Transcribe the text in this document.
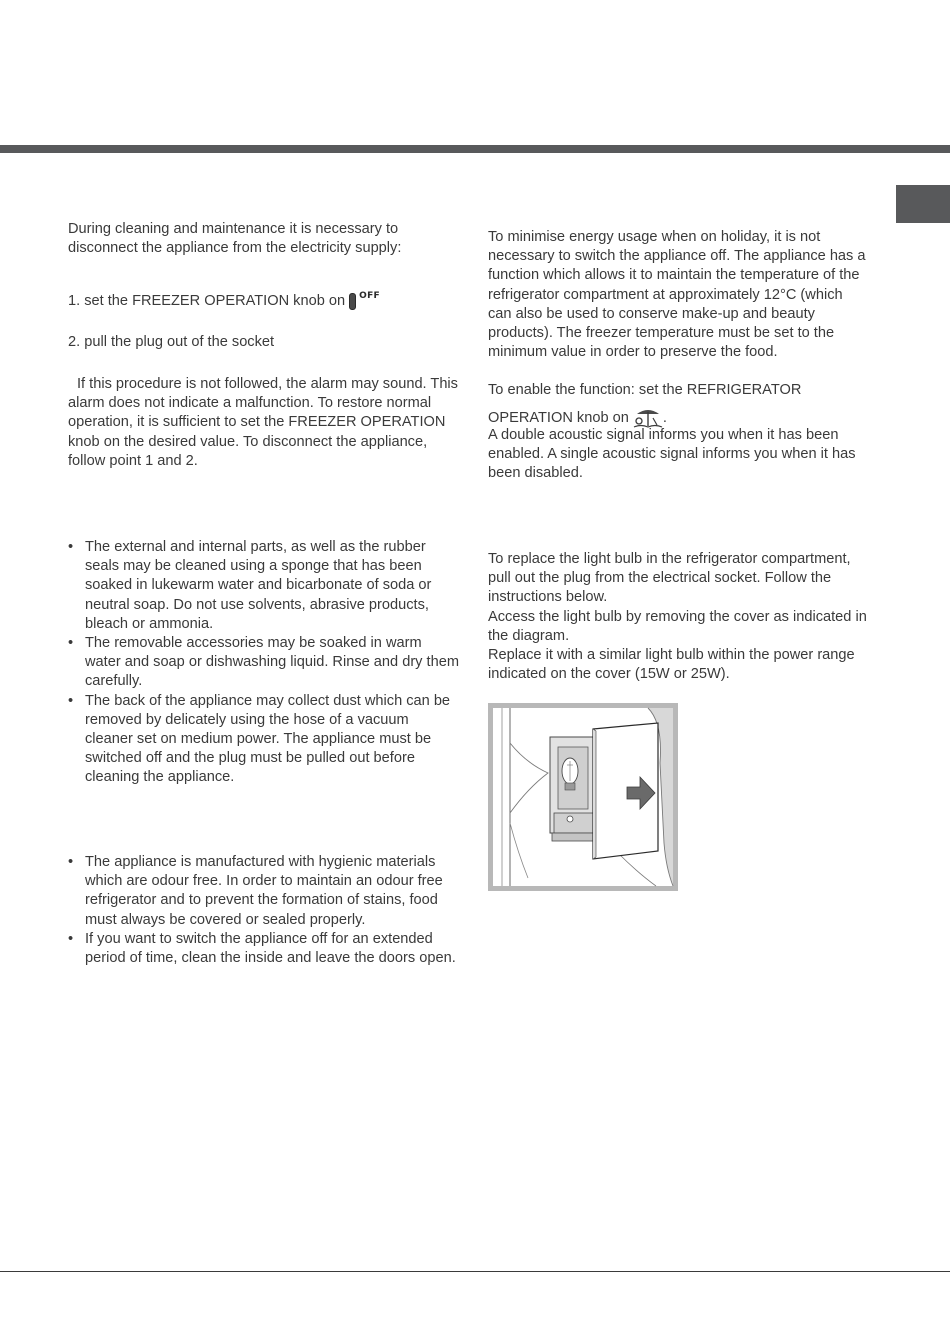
During cleaning and maintenance it is necessary to disconnect the appliance from the electricity supply:

1. set the FREEZER OPERATION knob on OFF

2. pull the plug out of the socket

If this procedure is not followed, the alarm may sound. This alarm does not indicate a malfunction. To restore normal operation, it is sufficient to set the FREEZER OPERATION knob on the desired value. To disconnect the appliance, follow point 1 and 2.

• The external and internal parts, as well as the rubber seals may be cleaned using a sponge that has been soaked in lukewarm water and bicarbonate of soda or neutral soap. Do not use solvents, abrasive products, bleach or ammonia.
• The removable accessories may be soaked in warm water and soap or dishwashing liquid. Rinse and dry them carefully.
• The back of the appliance may collect dust which can be removed by delicately using the hose of a vacuum cleaner set on medium power. The appliance must be switched off and the plug must be pulled out before cleaning the appliance.
• The appliance is manufactured with hygienic materials which are odour free. In order to maintain an odour free refrigerator and to prevent the formation of stains, food must always be covered or sealed properly.
• If you want to switch the appliance off for an extended period of time, clean the inside and leave the doors open.

To minimise energy usage when on holiday, it is not necessary to switch the appliance off. The appliance has a function which allows it to maintain the temperature of the refrigerator compartment at approximately 12°C (which can also be used to conserve make-up and beauty products). The freezer temperature must be set to the minimum value in order to preserve the food.

To enable the function: set the REFRIGERATOR

OPERATION knob on .

A double acoustic signal informs you when it has been enabled. A single acoustic signal informs you when it has been disabled.

To replace the light bulb in the refrigerator compartment, pull out the plug from the electrical socket. Follow the instructions below.
Access the light bulb by removing the cover as indicated in the diagram.
Replace it with a similar light bulb within the power range indicated on the cover (15W or 25W).
